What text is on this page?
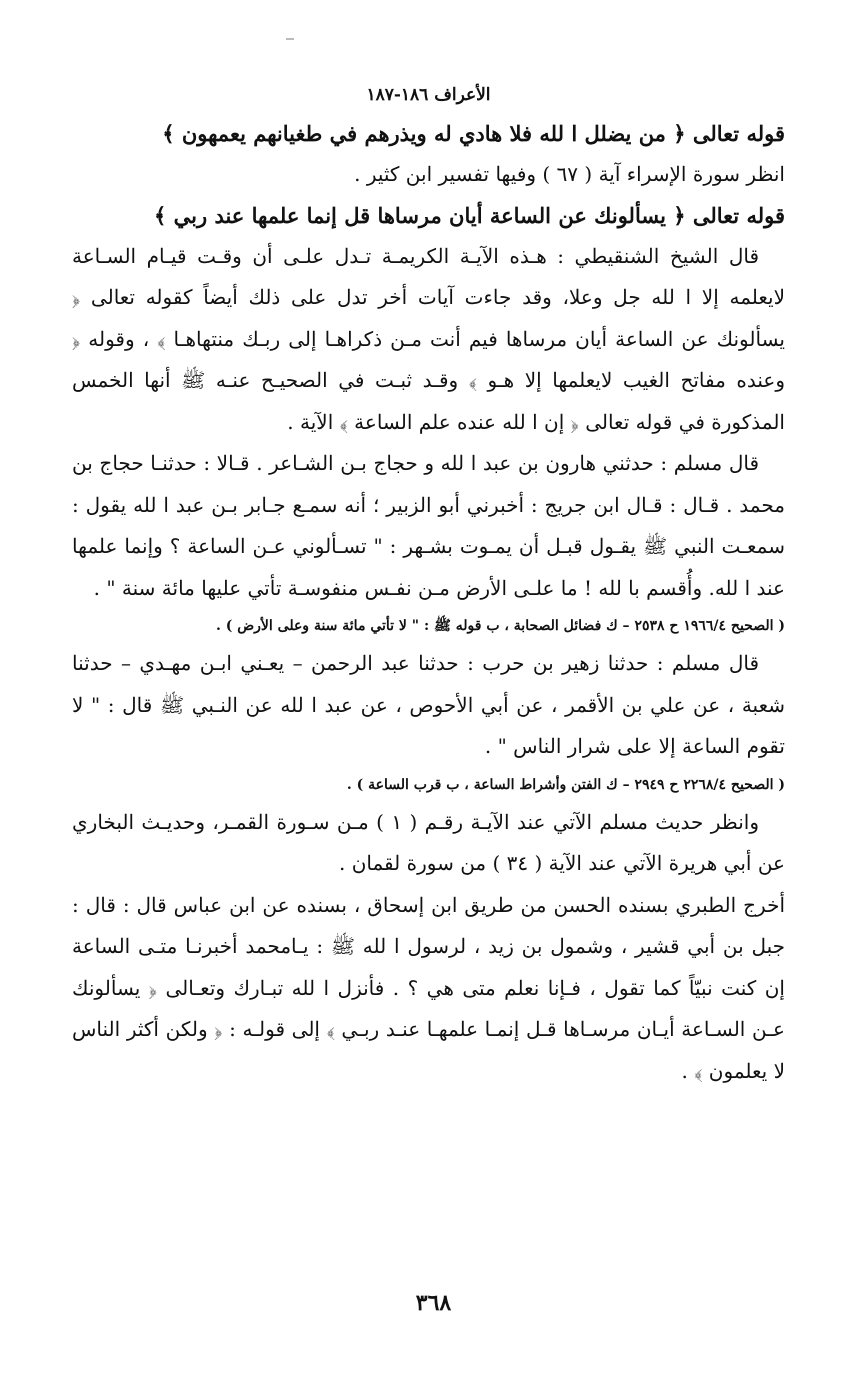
الأعراف ١٨٦-١٨٧

قوله تعالى ﴿ من يضلل ا لله فلا هادي له ويذرهم في طغيانهم يعمهون ﴾

انظر سورة الإسراء آية ( ٦٧ ) وفيها تفسير ابن كثير .

قوله تعالى ﴿ يسألونك عن الساعة أيان مرساها قل إنما علمها عند ربي ﴾

قال الشيخ الشنقيطي : هـذه الآيـة الكريمـة تـدل علـى أن وقـت قيـام السـاعة لايعلمه إلا ا لله جل وعلا، وقد جاءت آيات أخر تدل على ذلك أيضاً كقوله تعالى ﴿ يسألونك عن الساعة أيان مرساها فيم أنت مـن ذكراهـا إلى ربـك منتهاهـا ﴾ ، وقوله ﴿ وعنده مفاتح الغيب لايعلمها إلا هـو ﴾ وقـد ثبـت في الصحيـح عنـه ﷺ أنها الخمس المذكورة في قوله تعالى ﴿ إن ا لله عنده علم الساعة ﴾ الآية .

قال مسلم : حدثني هارون بن عبد ا لله و حجاج بـن الشـاعر . قـالا : حدثنـا حجاج بن محمد . قـال : قـال ابن جريج : أخبرني أبو الزبير ؛ أنه سمـع جـابر بـن عبد ا لله يقول : سمعـت النبي ﷺ يقـول قبـل أن يمـوت بشـهر : " تسـألوني عـن الساعة ؟ وإنما علمها عند ا لله. وأُقسم با لله ! ما علـى الأرض مـن نفـس منفوسـة تأتي عليها مائة سنة " .

( الصحيح ١٩٦٦/٤ ح ٢٥٣٨ – ك فضائل الصحابة ، ب قوله ﷺ : " لا تأتي مائة سنة وعلى الأرض ) .

قال مسلم : حدثنا زهير بن حرب : حدثنا عبد الرحمن – يعـني ابـن مهـدي – حدثنا شعبة ، عن علي بن الأقمر ، عن أبي الأحوص ، عن عبد ا لله عن النـبي ﷺ قال : " لا تقوم الساعة إلا على شرار الناس " .

( الصحيح ٢٢٦٨/٤ ح ٢٩٤٩ – ك الفتن وأشراط الساعة ، ب قرب الساعة ) .

وانظر حديث مسلم الآتي عند الآيـة رقـم ( ١ ) مـن سـورة القمـر، وحديـث البخاري عن أبي هريرة الآتي عند الآية ( ٣٤ ) من سورة لقمان .

أخرج الطبري بسنده الحسن من طريق ابن إسحاق ، بسنده عن ابن عباس قال : قال : جبل بن أبي قشير ، وشمول بن زيد ، لرسول ا لله ﷺ : يـامحمد أخبرنـا متـى الساعة إن كنت نبيّاً كما تقول ، فـإنا نعلم متى هي ؟ . فأنزل ا لله تبـارك وتعـالى ﴿ يسألونك عـن السـاعة أيـان مرسـاها قـل إنمـا علمهـا عنـد ربـي ﴾ إلى قولـه : ﴿ ولكن أكثر الناس لا يعلمون ﴾ .

٣٦٨
